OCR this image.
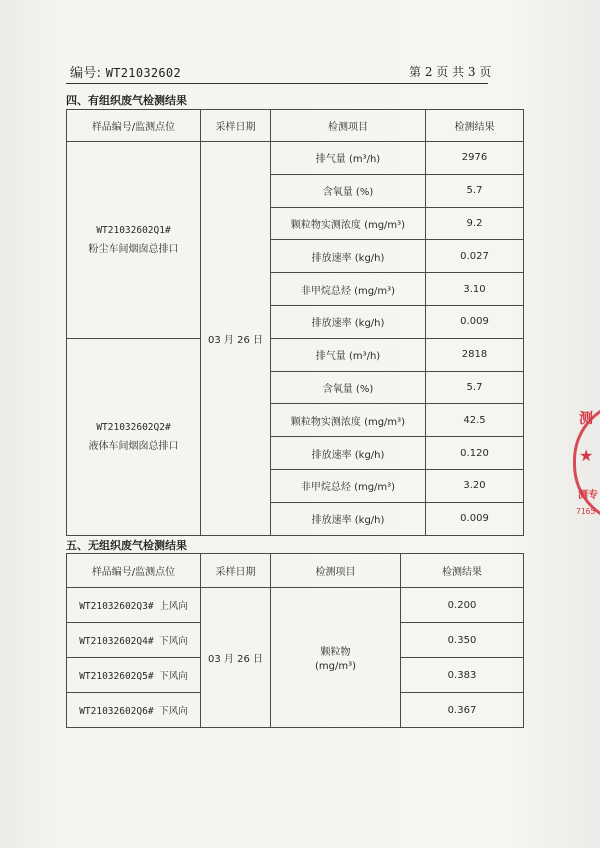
编号: WT21032602	第 2 页 共 3 页
四、有组织废气检测结果
样品编号/监测点位	采样日期	检测项目	检测结果

WT21032602Q1#
粉尘车间烟囱总排口	03 月 26 日	排气量 (m³/h)	2976
		含氧量 (%)	5.7
		颗粒物实测浓度 (mg/m³)	9.2
		排放速率 (kg/h)	0.027
		非甲烷总烃 (mg/m³)	3.10
		排放速率 (kg/h)	0.009

WT21032602Q2#
液体车间烟囱总排口		排气量 (m³/h)	2818
		含氧量 (%)	5.7
		颗粒物实测浓度 (mg/m³)	42.5
		排放速率 (kg/h)	0.120
		非甲烷总烃 (mg/m³)	3.20
		排放速率 (kg/h)	0.009
五、无组织废气检测结果
样品编号/监测点位	采样日期	检测项目	检测结果
WT21032602Q3# 上风向	03 月 26 日	颗粒物
(mg/m³)	0.200
WT21032602Q4# 下风向			0.350
WT21032602Q5# 下风向			0.383
WT21032602Q6# 下风向			0.367
测
★
测专
7165
